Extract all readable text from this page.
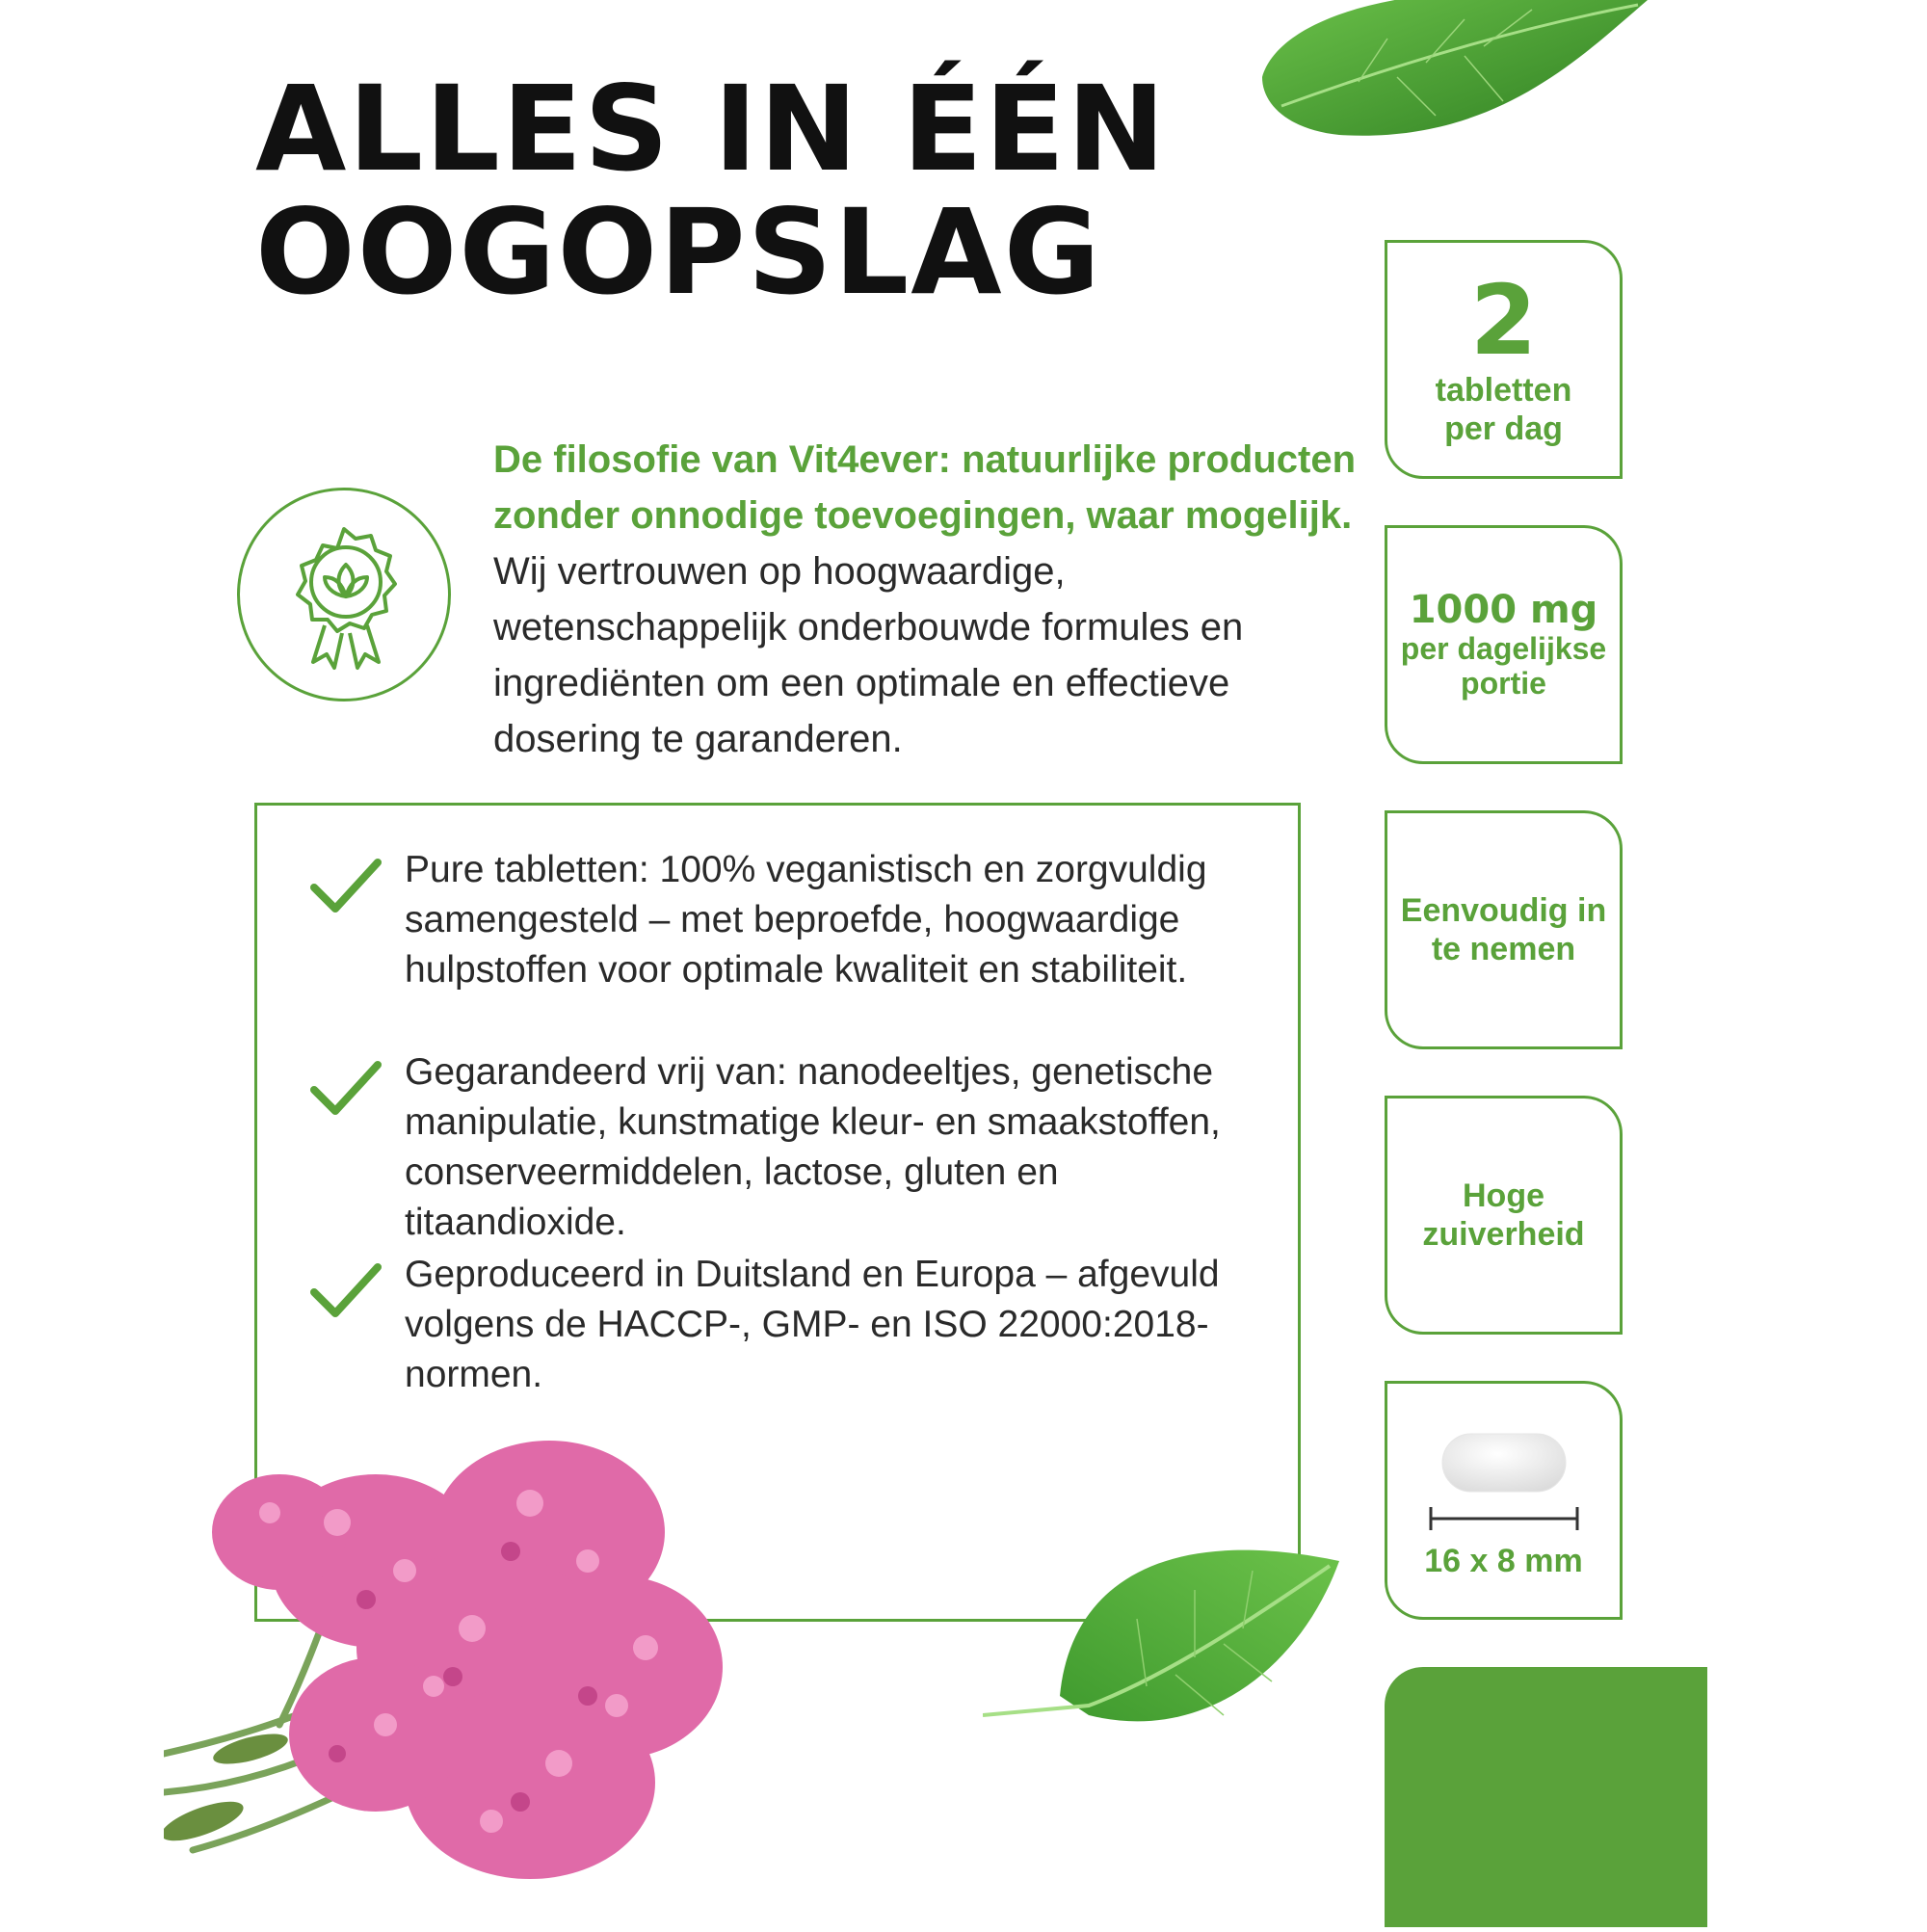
ALLES IN ÉÉN
OOGOPSLAG

De filosofie van Vit4ever: natuurlijke producten zonder onnodige toevoegingen, waar mogelijk. Wij vertrouwen op hoogwaardige, wetenschappelijk onderbouwde formules en ingrediënten om een optimale en effectieve dosering te garanderen.

Pure tabletten: 100% veganistisch en zorgvuldig samengesteld – met beproefde, hoogwaardige hulpstoffen voor optimale kwaliteit en stabiliteit.

Gegarandeerd vrij van: nanodeeltjes, genetische manipulatie, kunstmatige kleur- en smaakstoffen, conserveermiddelen, lactose, gluten en titaandioxide.

Geproduceerd in Duitsland en Europa – afgevuld volgens de HACCP-, GMP- en ISO 22000:2018-normen.

2
tabletten
per dag
1000 mg
per dagelijkse
portie
Eenvoudig in
te nemen
Hoge
zuiverheid
16 x 8 mm
